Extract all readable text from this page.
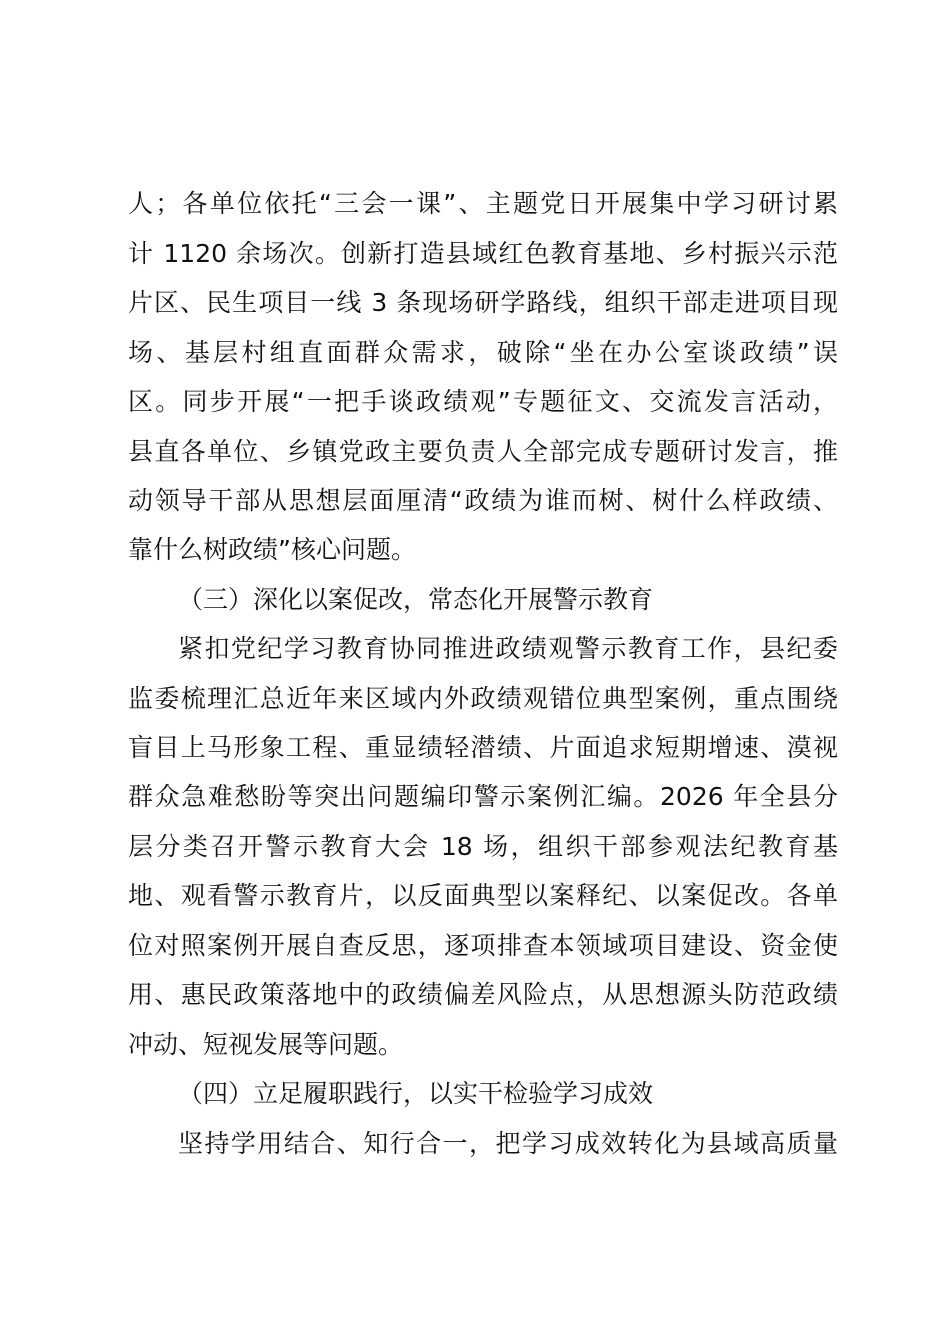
人；各单位依托“三会一课”、主题党日开展集中学习研讨累
计 1120 余场次。创新打造县域红色教育基地、乡村振兴示范
片区、民生项目一线 3 条现场研学路线，组织干部走进项目现
场、基层村组直面群众需求，破除“坐在办公室谈政绩”误
区。同步开展“一把手谈政绩观”专题征文、交流发言活动，
县直各单位、乡镇党政主要负责人全部完成专题研讨发言，推
动领导干部从思想层面厘清“政绩为谁而树、树什么样政绩、
靠什么树政绩”核心问题。
（三）深化以案促改，常态化开展警示教育
紧扣党纪学习教育协同推进政绩观警示教育工作，县纪委
监委梳理汇总近年来区域内外政绩观错位典型案例，重点围绕
盲目上马形象工程、重显绩轻潜绩、片面追求短期增速、漠视
群众急难愁盼等突出问题编印警示案例汇编。2026 年全县分
层分类召开警示教育大会 18 场，组织干部参观法纪教育基
地、观看警示教育片，以反面典型以案释纪、以案促改。各单
位对照案例开展自查反思，逐项排查本领域项目建设、资金使
用、惠民政策落地中的政绩偏差风险点，从思想源头防范政绩
冲动、短视发展等问题。
（四）立足履职践行，以实干检验学习成效
坚持学用结合、知行合一，把学习成效转化为县域高质量
